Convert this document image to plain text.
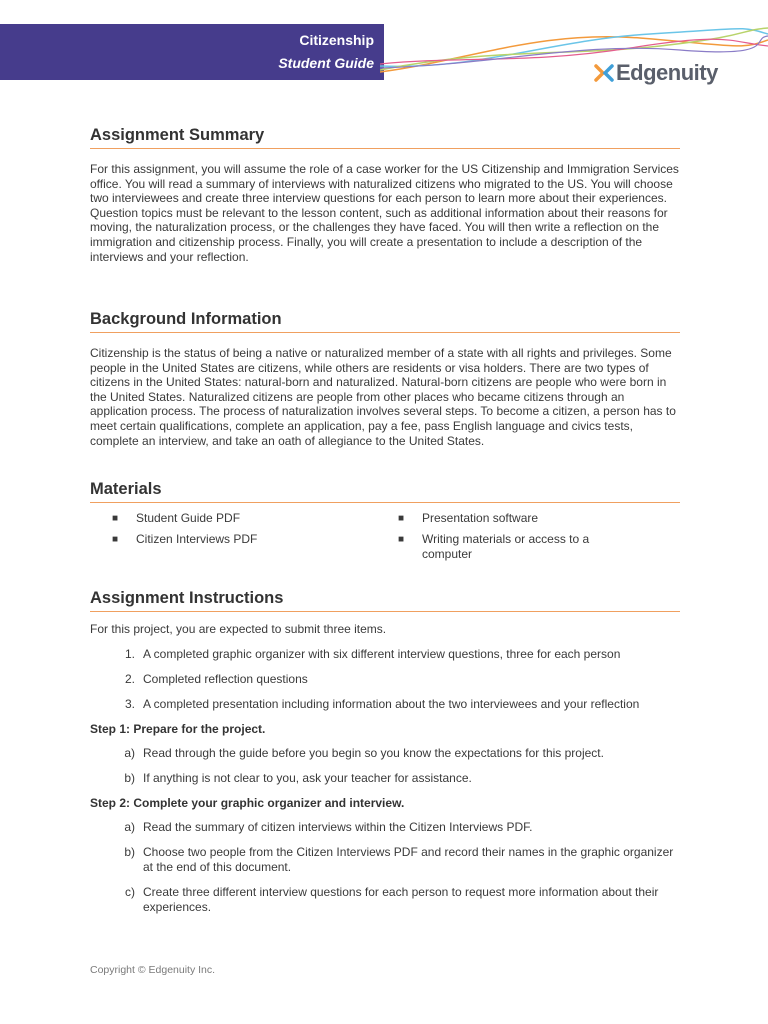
Citizenship
Student Guide	Edgenuity
Assignment Summary

For this assignment, you will assume the role of a case worker for the US Citizenship and Immigration Services office. You will read a summary of interviews with naturalized citizens who migrated to the US. You will choose two interviewees and create three interview questions for each person to learn more about their experiences. Question topics must be relevant to the lesson content, such as additional information about their reasons for moving, the naturalization process, or the challenges they have faced. You will then write a reflection on the immigration and citizenship process. Finally, you will create a presentation to include a description of the interviews and your reflection.

Background Information

Citizenship is the status of being a native or naturalized member of a state with all rights and privileges. Some people in the United States are citizens, while others are residents or visa holders. There are two types of citizens in the United States: natural-born and naturalized. Natural-born citizens are people who were born in the United States. Naturalized citizens are people from other places who became citizens through an application process. The process of naturalization involves several steps. To become a citizen, a person has to meet certain qualifications, complete an application, pay a fee, pass English language and civics tests, complete an interview, and take an oath of allegiance to the United States.

Materials
■	Student Guide PDF
■	Citizen Interviews PDF
■	Presentation software
■	Writing materials or access to a computer
Assignment Instructions

For this project, you are expected to submit three items.

1. A completed graphic organizer with six different interview questions, three for each person
2. Completed reflection questions
3. A completed presentation including information about the two interviewees and your reflection
Step 1: Prepare for the project.
a) Read through the guide before you begin so you know the expectations for this project.
b) If anything is not clear to you, ask your teacher for assistance.
Step 2: Complete your graphic organizer and interview.
a) Read the summary of citizen interviews within the Citizen Interviews PDF.
b) Choose two people from the Citizen Interviews PDF and record their names in the graphic organizer at the end of this document.
c) Create three different interview questions for each person to request more information about their experiences.
Copyright © Edgenuity Inc.
